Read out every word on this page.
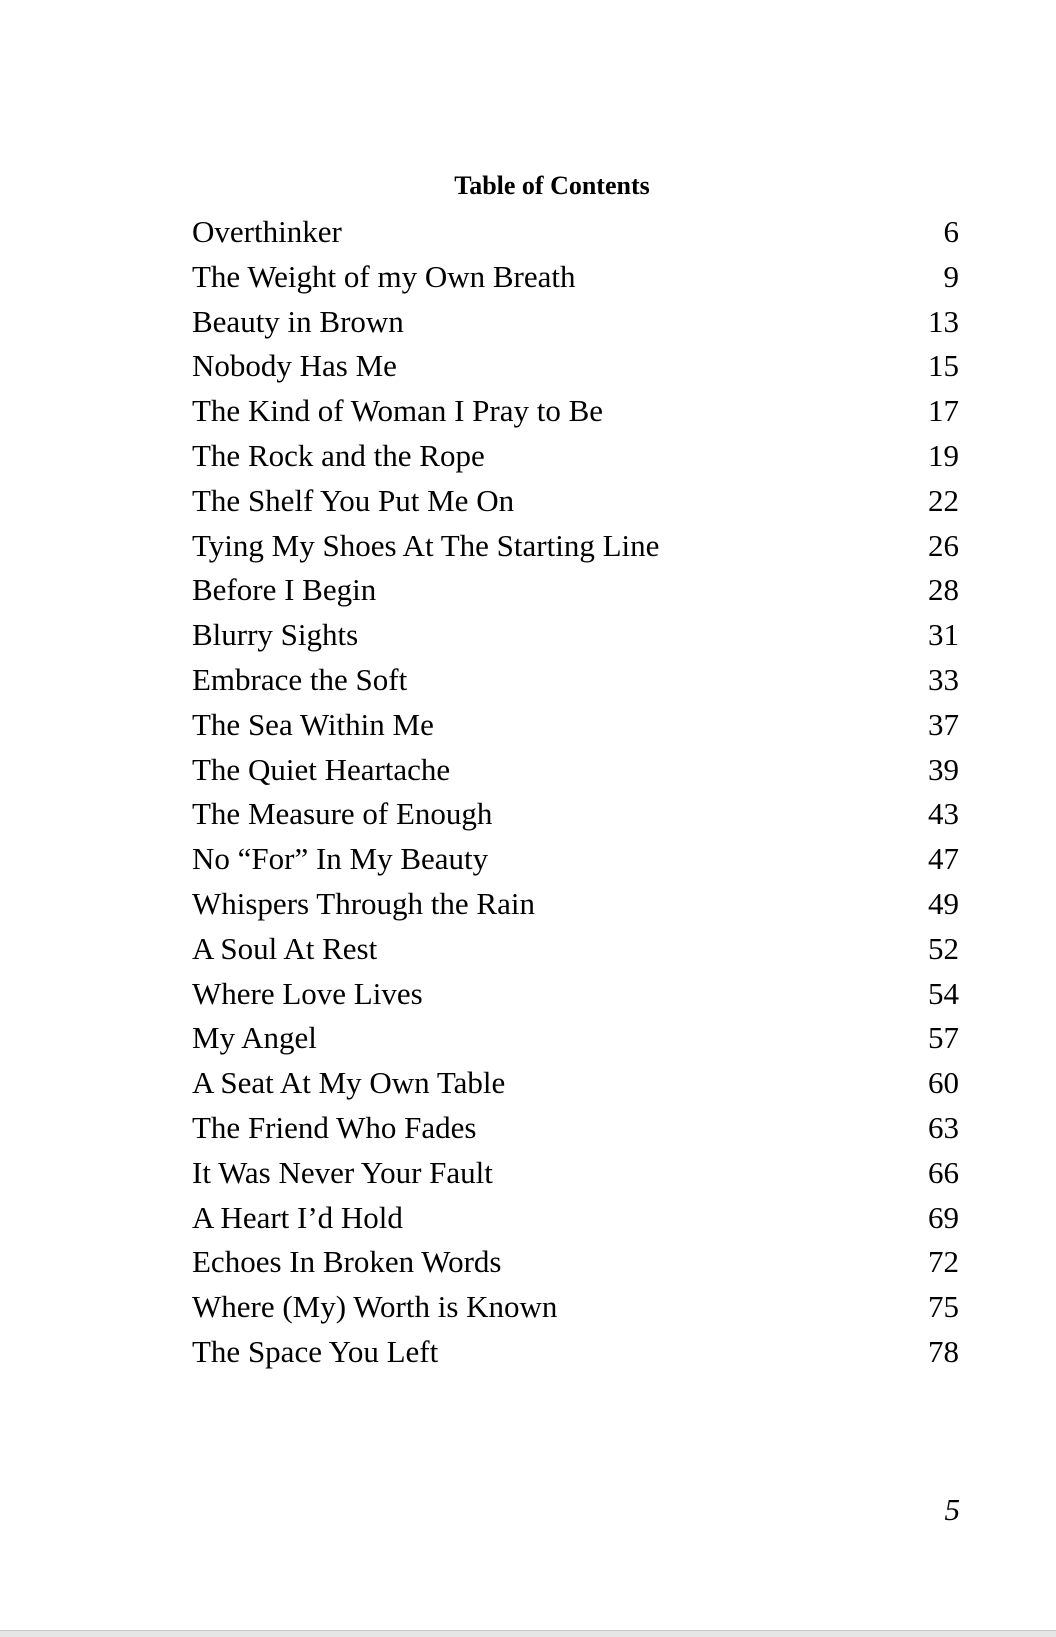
Table of Contents
Overthinker	6
The Weight of my Own Breath	9
Beauty in Brown	13
Nobody Has Me	15
The Kind of Woman I Pray to Be	17
The Rock and the Rope	19
The Shelf You Put Me On	22
Tying My Shoes At The Starting Line	26
Before I Begin	28
Blurry Sights	31
Embrace the Soft	33
The Sea Within Me	37
The Quiet Heartache	39
The Measure of Enough	43
No “For” In My Beauty	47
Whispers Through the Rain	49
A Soul At Rest	52
Where Love Lives	54
My Angel	57
A Seat At My Own Table	60
The Friend Who Fades	63
It Was Never Your Fault	66
A Heart I’d Hold	69
Echoes In Broken Words	72
Where (My) Worth is Known	75
The Space You Left	78
5
